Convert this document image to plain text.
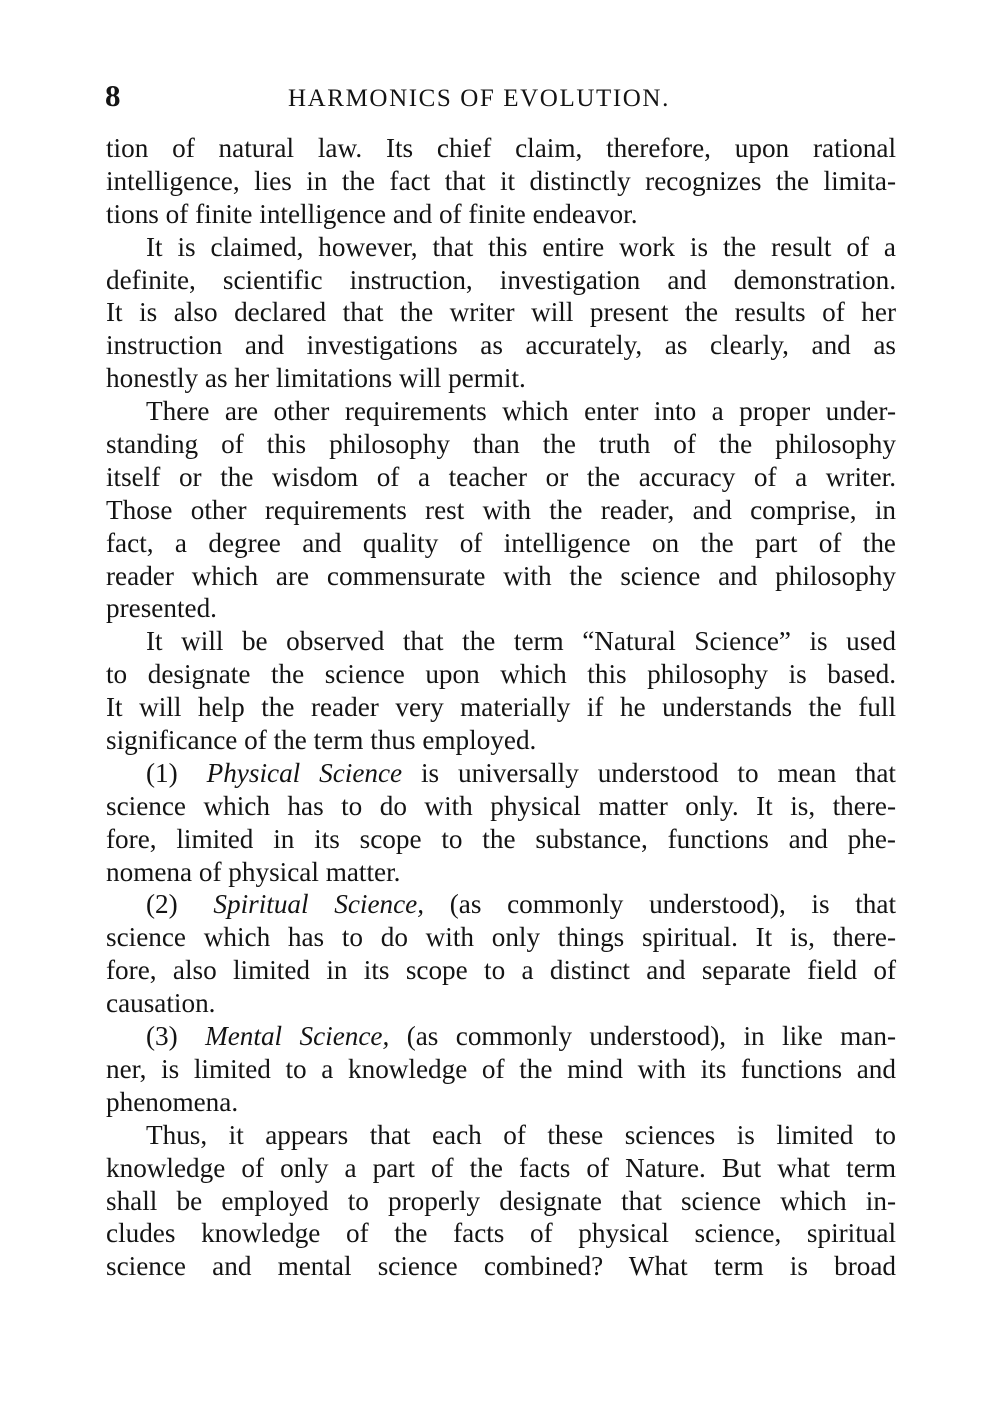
8	HARMONICS OF EVOLUTION.
tion of natural law. Its chief claim, therefore, upon rational
intelligence, lies in the fact that it distinctly recognizes the limita-
tions of finite intelligence and of finite endeavor.
It is claimed, however, that this entire work is the result of a
definite, scientific instruction, investigation and demonstration.
It is also declared that the writer will present the results of her
instruction and investigations as accurately, as clearly, and as
honestly as her limitations will permit.
There are other requirements which enter into a proper under-
standing of this philosophy than the truth of the philosophy
itself or the wisdom of a teacher or the accuracy of a writer.
Those other requirements rest with the reader, and comprise, in
fact, a degree and quality of intelligence on the part of the
reader which are commensurate with the science and philosophy
presented.
It will be observed that the term “Natural Science” is used
to designate the science upon which this philosophy is based.
It will help the reader very materially if he understands the full
significance of the term thus employed.
(1) Physical Science is universally understood to mean that
science which has to do with physical matter only. It is, there-
fore, limited in its scope to the substance, functions and phe-
nomena of physical matter.
(2) Spiritual Science, (as commonly understood), is that
science which has to do with only things spiritual. It is, there-
fore, also limited in its scope to a distinct and separate field of
causation.
(3) Mental Science, (as commonly understood), in like man-
ner, is limited to a knowledge of the mind with its functions and
phenomena.
Thus, it appears that each of these sciences is limited to
knowledge of only a part of the facts of Nature. But what term
shall be employed to properly designate that science which in-
cludes knowledge of the facts of physical science, spiritual
science and mental science combined? What term is broad
